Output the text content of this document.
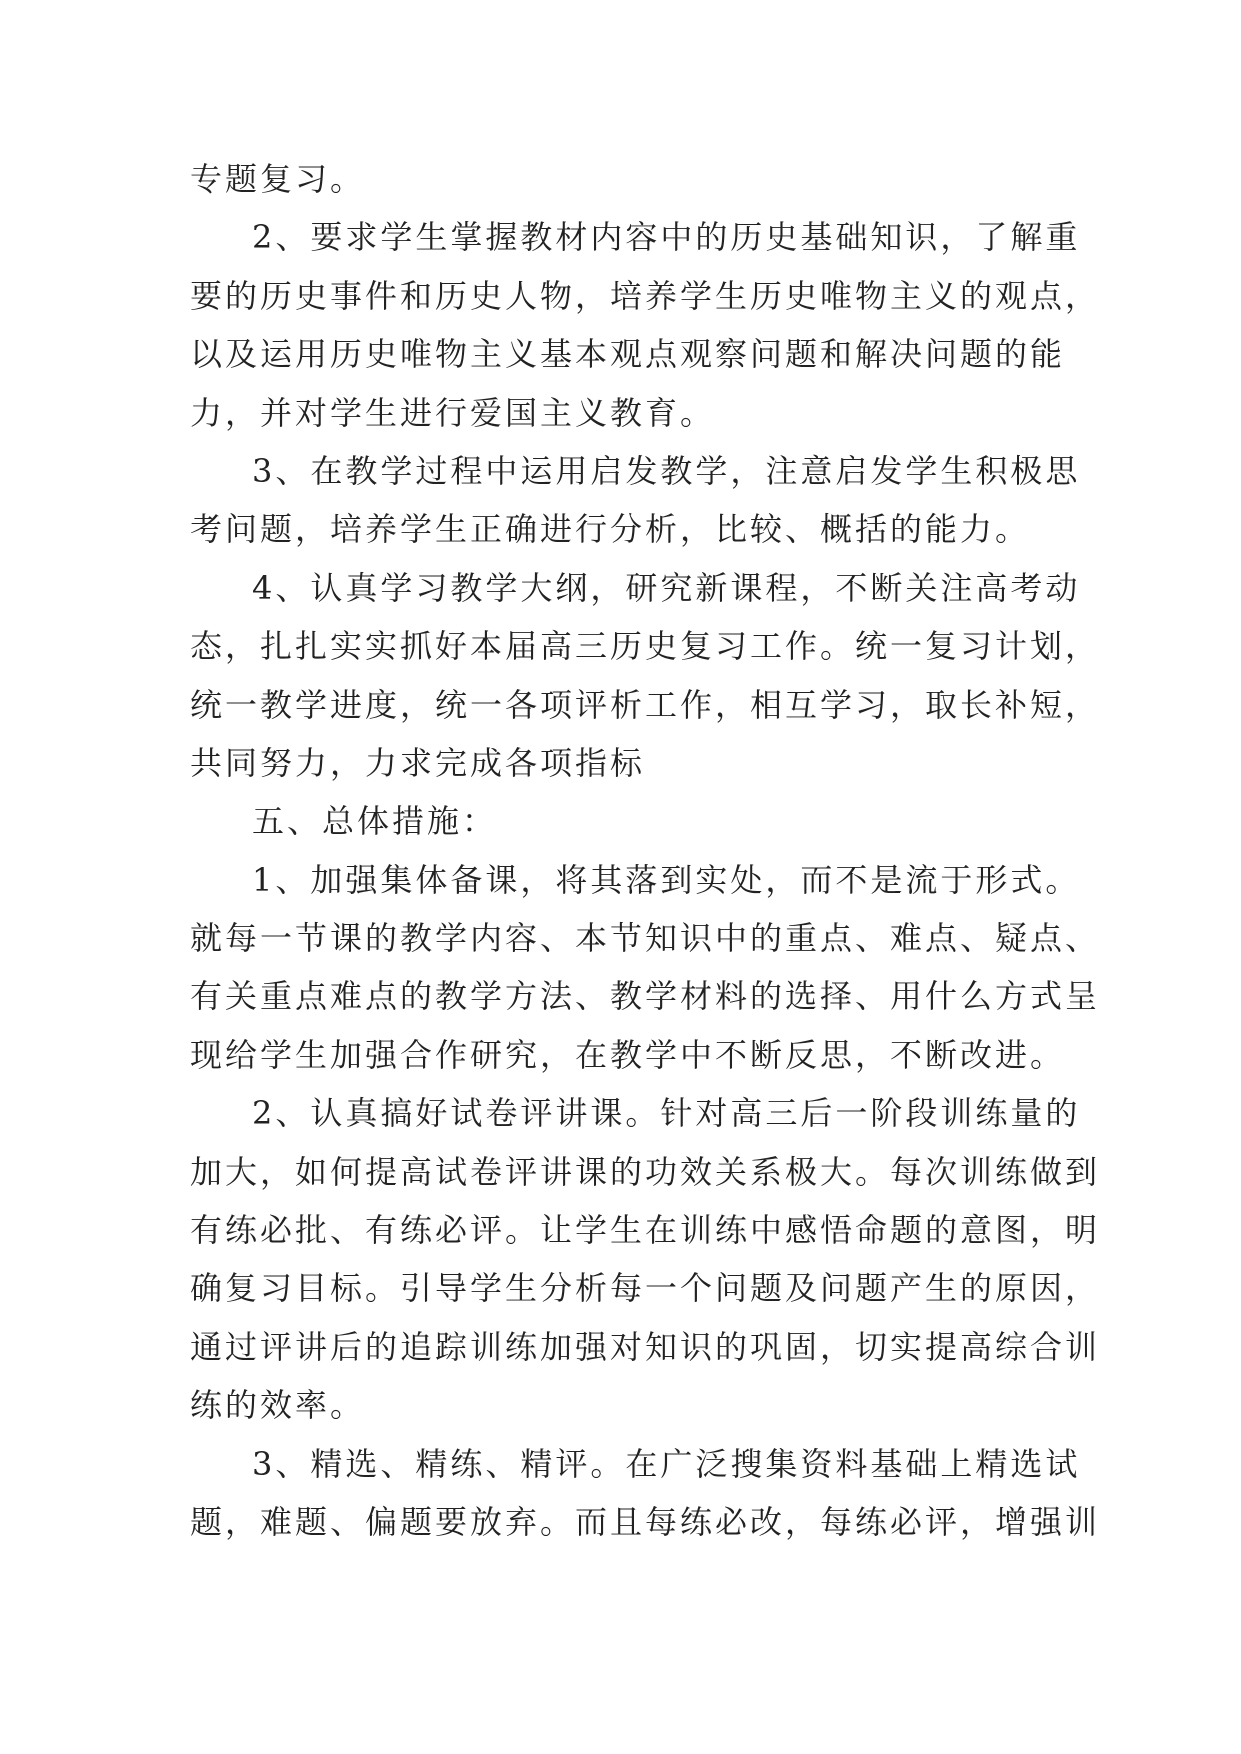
专题复习。
2、要求学生掌握教材内容中的历史基础知识，了解重
要的历史事件和历史人物，培养学生历史唯物主义的观点，
以及运用历史唯物主义基本观点观察问题和解决问题的能
力，并对学生进行爱国主义教育。
3、在教学过程中运用启发教学，注意启发学生积极思
考问题，培养学生正确进行分析，比较、概括的能力。
4、认真学习教学大纲，研究新课程，不断关注高考动
态，扎扎实实抓好本届高三历史复习工作。统一复习计划，
统一教学进度，统一各项评析工作，相互学习，取长补短，
共同努力，力求完成各项指标
五、总体措施：
1、加强集体备课，将其落到实处，而不是流于形式。
就每一节课的教学内容、本节知识中的重点、难点、疑点、
有关重点难点的教学方法、教学材料的选择、用什么方式呈
现给学生加强合作研究，在教学中不断反思，不断改进。
2、认真搞好试卷评讲课。针对高三后一阶段训练量的
加大，如何提高试卷评讲课的功效关系极大。每次训练做到
有练必批、有练必评。让学生在训练中感悟命题的意图，明
确复习目标。引导学生分析每一个问题及问题产生的原因，
通过评讲后的追踪训练加强对知识的巩固，切实提高综合训
练的效率。
3、精选、精练、精评。在广泛搜集资料基础上精选试
题，难题、偏题要放弃。而且每练必改，每练必评，增强训
